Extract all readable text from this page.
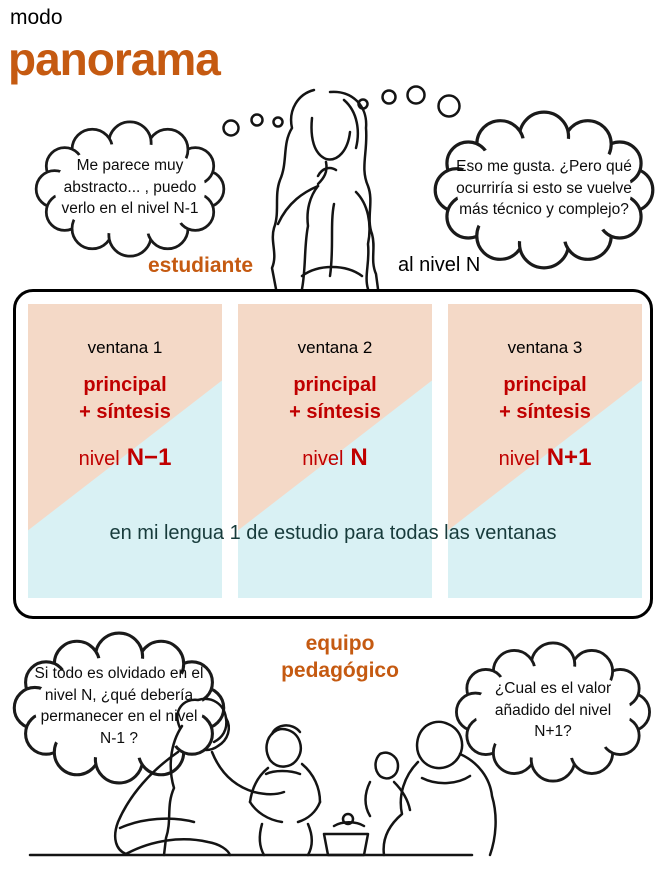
modo
panorama
Me parece muy abstracto... , puedo verlo en el nivel N-1
Eso me gusta. ¿Pero qué ocurriría si esto se vuelve más técnico y complejo?
estudiante	al nivel N
ventana 1
principal
+ síntesis
nivel N−1
ventana 2
principal
+ síntesis
nivel N
ventana 3
principal
+ síntesis
nivel N+1
en mi lengua 1 de estudio para todas las ventanas
equipo
pedagógico
Si todo es olvidado en el nivel N, ¿qué debería permanecer en el nivel N-1 ?
¿Cual es el valor añadido del nivel N+1?
